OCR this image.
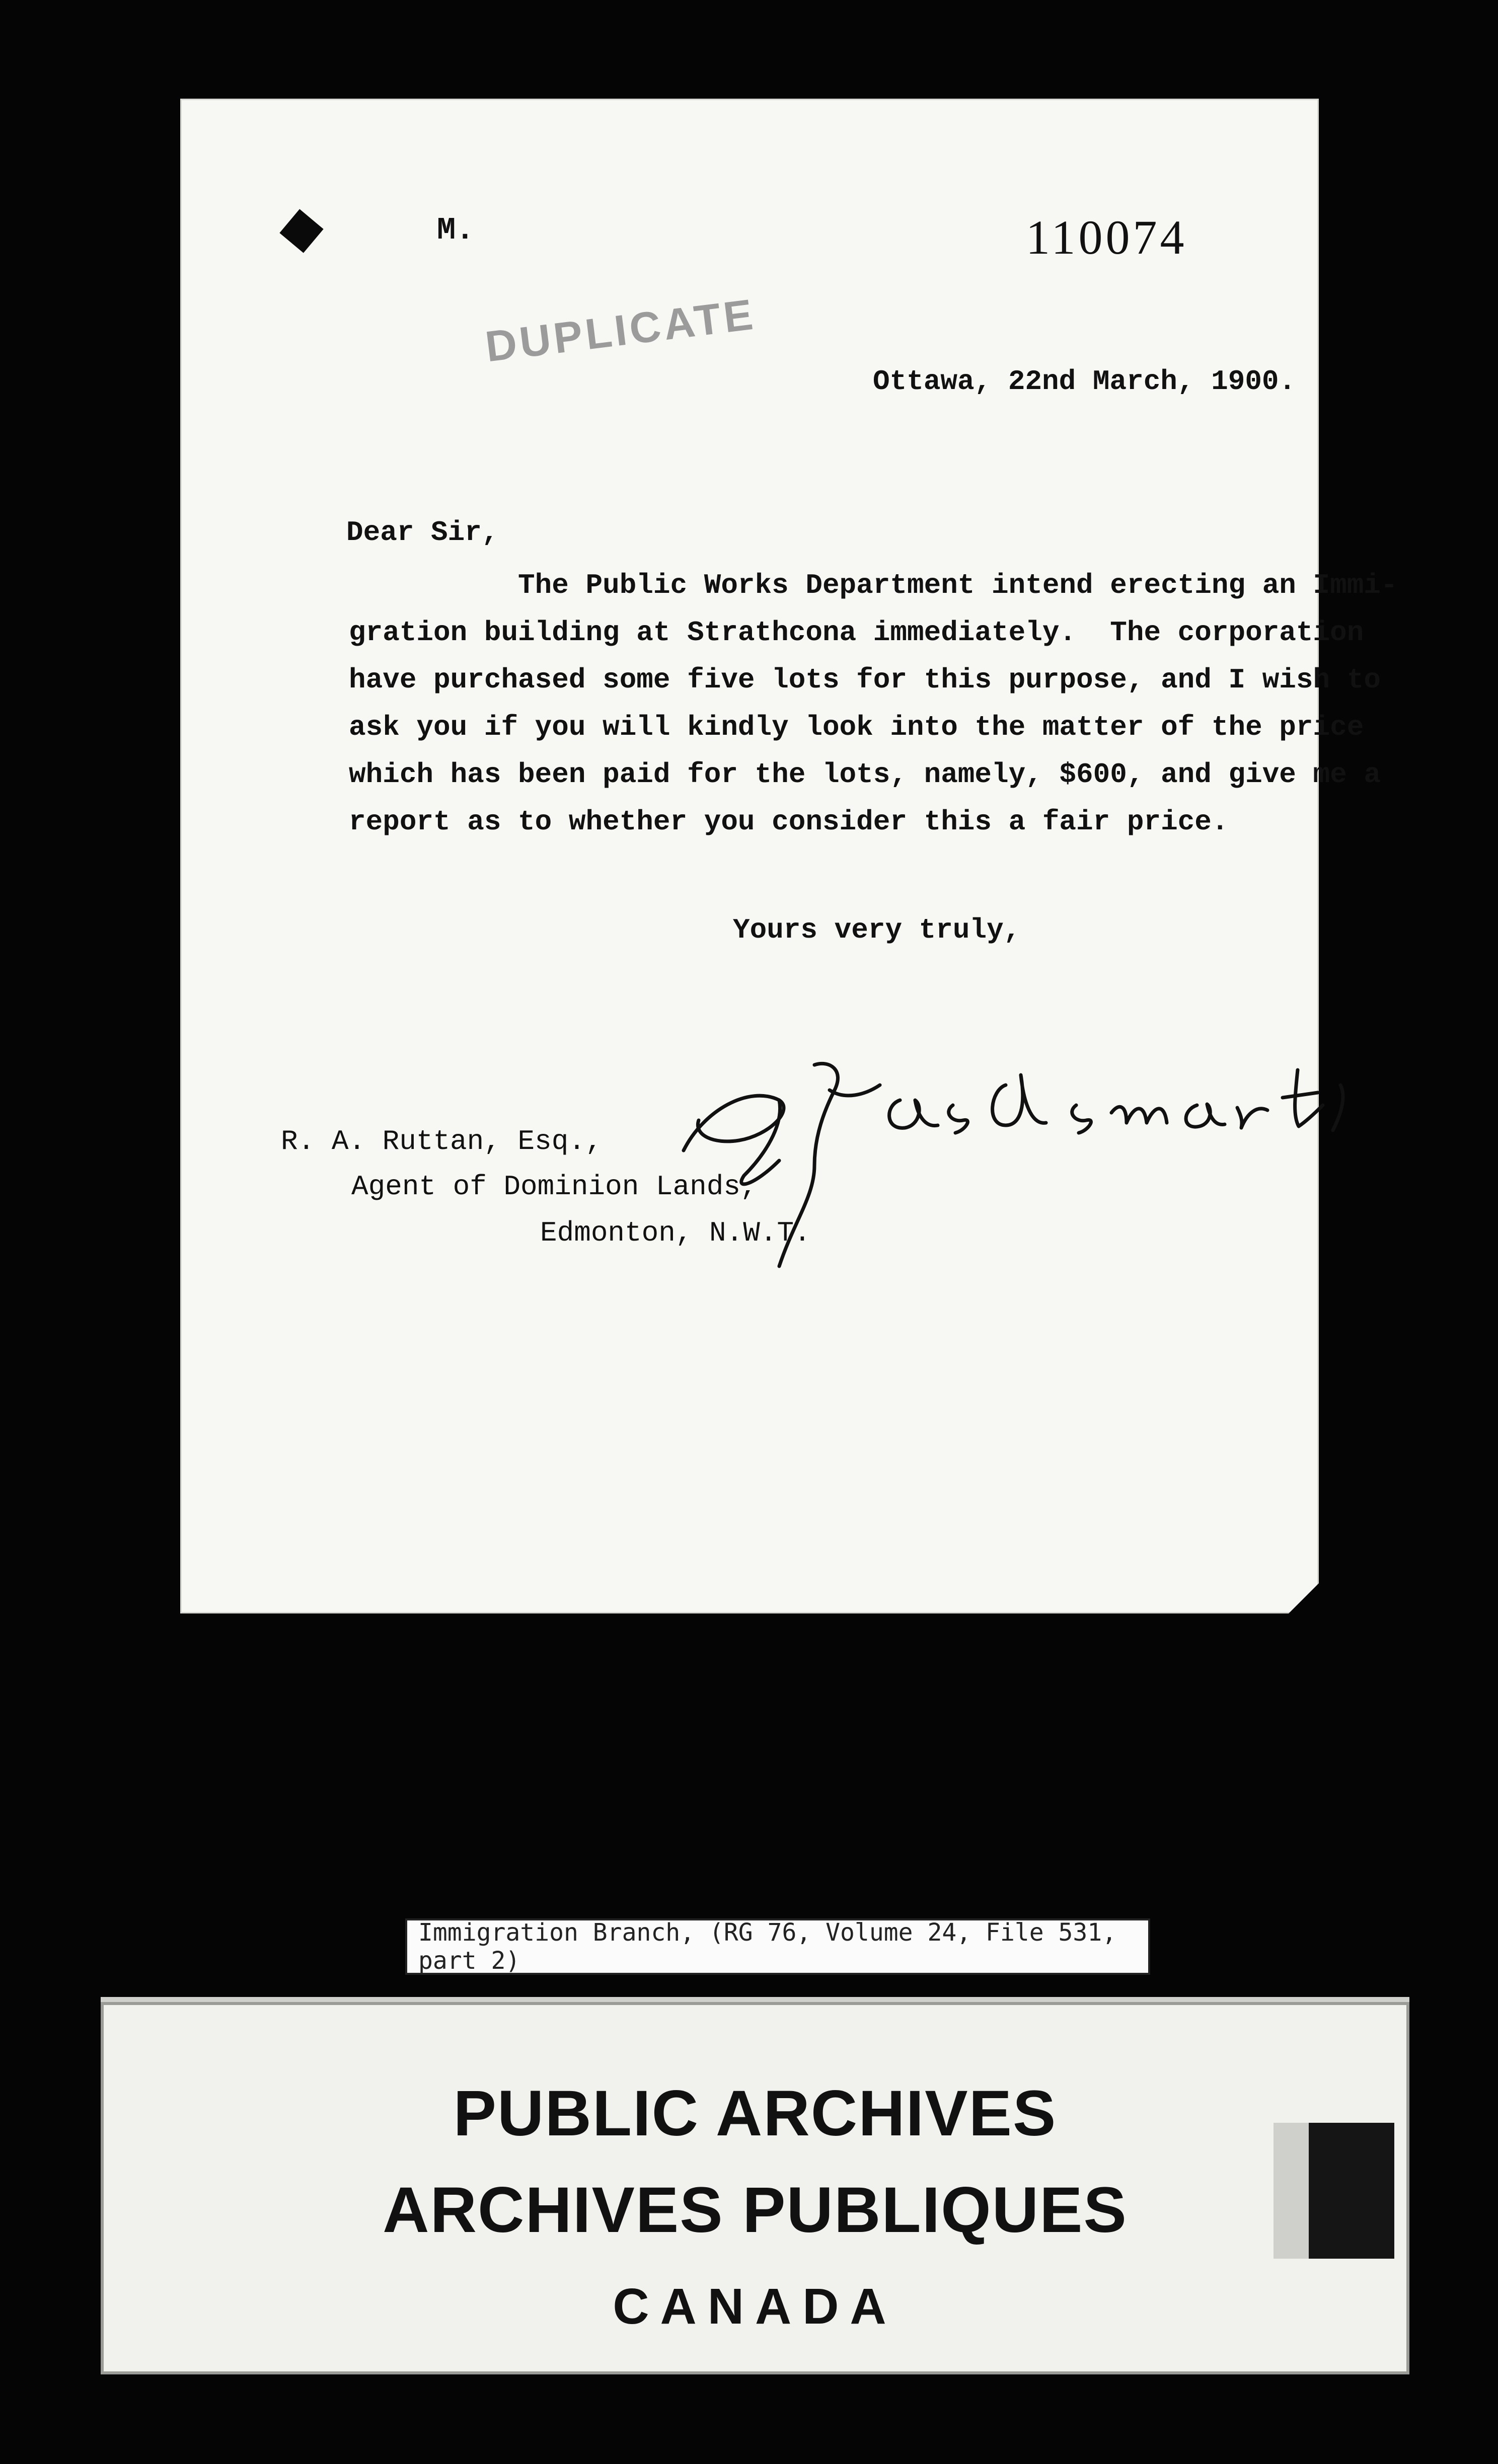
M.	110074
DUPLICATE
Ottawa, 22nd March, 1900.
Dear Sir,
The Public Works Department intend erecting an Immi-
gration building at Strathcona immediately.  The corporation
have purchased some five lots for this purpose, and I wish to
ask you if you will kindly look into the matter of the price
which has been paid for the lots, namely, $600, and give me a
report as to whether you consider this a fair price.
Yours very truly,
R. A. Ruttan, Esq.,
Agent of Dominion Lands,
Edmonton, N.W.T.
Immigration Branch, (RG 76, Volume 24, File 531, part 2)
PUBLIC ARCHIVES
ARCHIVES PUBLIQUES
CANADA
